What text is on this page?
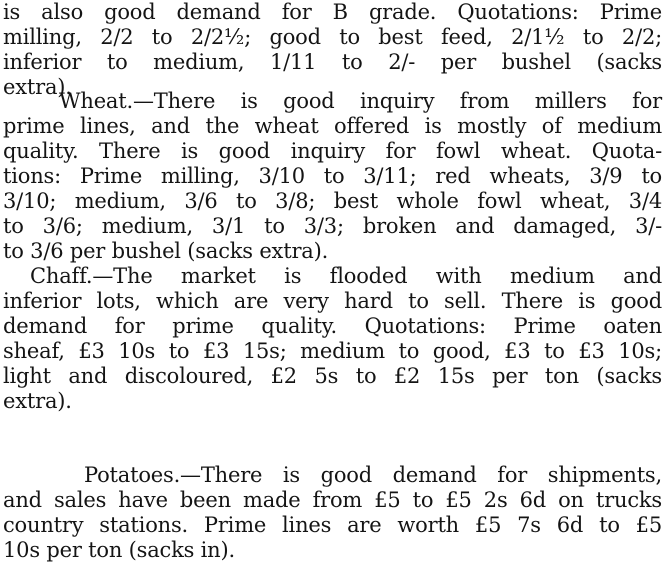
is also good demand for B grade. Quotations: Prime
milling, 2/2 to 2/2½; good to best feed, 2/1½ to 2/2;
inferior to medium, 1/11 to 2/- per bushel (sacks
extra).
Wheat.—There is good inquiry from millers for
prime lines, and the wheat offered is mostly of medium
quality. There is good inquiry for fowl wheat. Quota-
tions: Prime milling, 3/10 to 3/11; red wheats, 3/9 to
3/10; medium, 3/6 to 3/8; best whole fowl wheat, 3/4
to 3/6; medium, 3/1 to 3/3; broken and damaged, 3/-
to 3/6 per bushel (sacks extra).
Chaff.—The market is flooded with medium and
inferior lots, which are very hard to sell. There is good
demand for prime quality. Quotations: Prime oaten
sheaf, £3 10s to £3 15s; medium to good, £3 to £3 10s;
light and discoloured, £2 5s to £2 15s per ton (sacks
extra).
Potatoes.—There is good demand for shipments,
and sales have been made from £5 to £5 2s 6d on trucks
country stations. Prime lines are worth £5 7s 6d to £5
10s per ton (sacks in).
